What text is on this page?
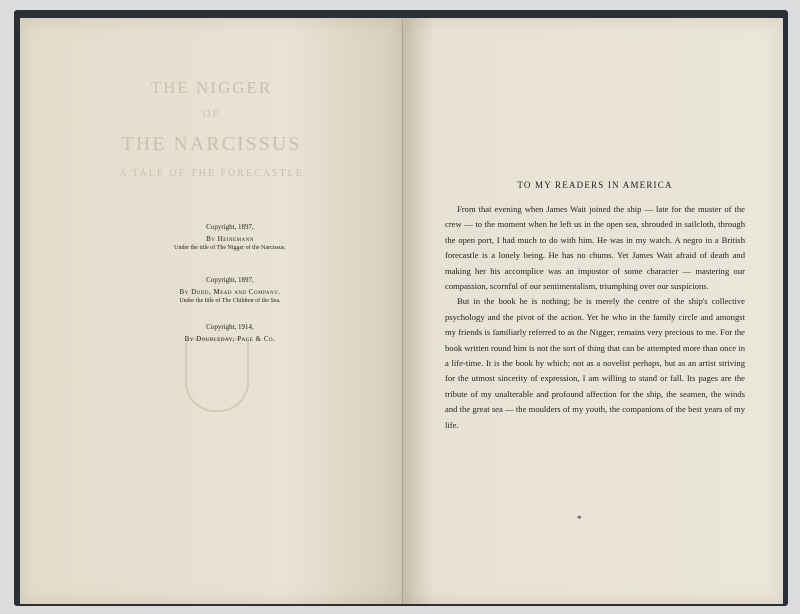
THE NIGGER
OF
THE NARCISSUS
A TALE OF THE FORECASTLE
Copyright, 1897,
By Heinemann
Under the title of The Nigger of the Narcissus.
Copyright, 1897,
By Dodd, Mead and Company.
Under the title of The Children of the Sea.
Copyright, 1914,
By Doubleday, Page & Co.
TO MY READERS IN AMERICA

From that evening when James Wait joined the ship — late for the muster of the crew — to the moment when he left us in the open sea, shrouded in sailcloth, through the open port, I had much to do with him. He was in my watch. A negro in a British forecastle is a lonely being. He has no chums. Yet James Wait afraid of death and making her his accomplice was an impostor of some character — mastering our compassion, scornful of our sentimentalism, triumphing over our suspicions.

But in the book he is nothing; he is merely the centre of the ship's collective psychology and the pivot of the action. Yet he who in the family circle and amongst my friends is familiarly referred to as the Nigger, remains very precious to me. For the book written round him is not the sort of thing that can be attempted more than once in a life-time. It is the book by which; not as a novelist perhaps, but as an artist striving for the utmost sincerity of expression, I am willing to stand or fall. Its pages are the tribute of my unalterable and profound affection for the ship, the seamen, the winds and the great sea — the moulders of my youth, the companions of the best years of my life.

*
